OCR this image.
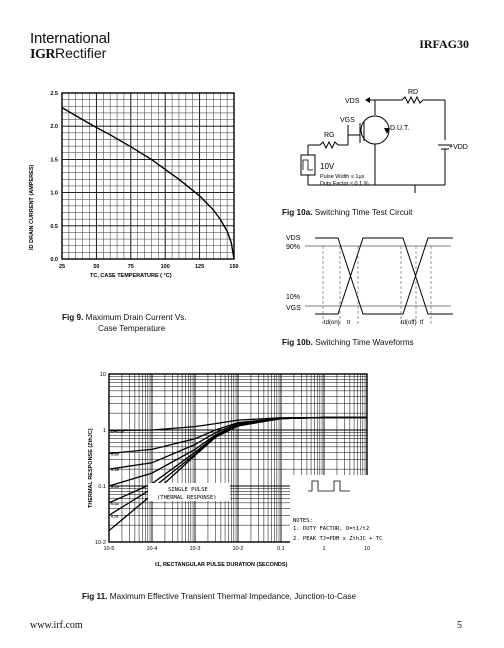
International
IGRRectifier
IRFAG30
25	50	75	100	125	150
0.0
0.5
1.0
1.5
2.0
2.5
ID DRAIN CURRENT (AMPERES)
TC, CASE TEMPERATURE ( °C)
Fig 9. Maximum Drain Current Vs.
Case Temperature
VDS
RD
VGS
RG
D.U.T.
+VDD
10V
Pulse Width ≤ 1µs
Duty Factor ≤ 0.1 %
Fig 10a. Switching Time Test Circuit
VDS
90%
10%
VGS
td(on) tr	td(off) tf
Fig 10b. Switching Time Waveforms
D=0.50
0.20
0.10
0.05
0.02
0.01
10-5	10-4	10-3	10-2	0.1	1	10
10-2
0.1
1
10
THERMAL RESPONSE (ZthJC)
t1, RECTANGULAR PULSE DURATION (SECONDS)
SINGLE PULSE
(THERMAL RESPONSE)
NOTES:
1. DUTY FACTOR, D=t1/t2
2. PEAK TJ=PDM x ZthJC + TC
Fig 11. Maximum Effective Transient Thermal Impedance, Junction-to-Case
www.irf.com	5
